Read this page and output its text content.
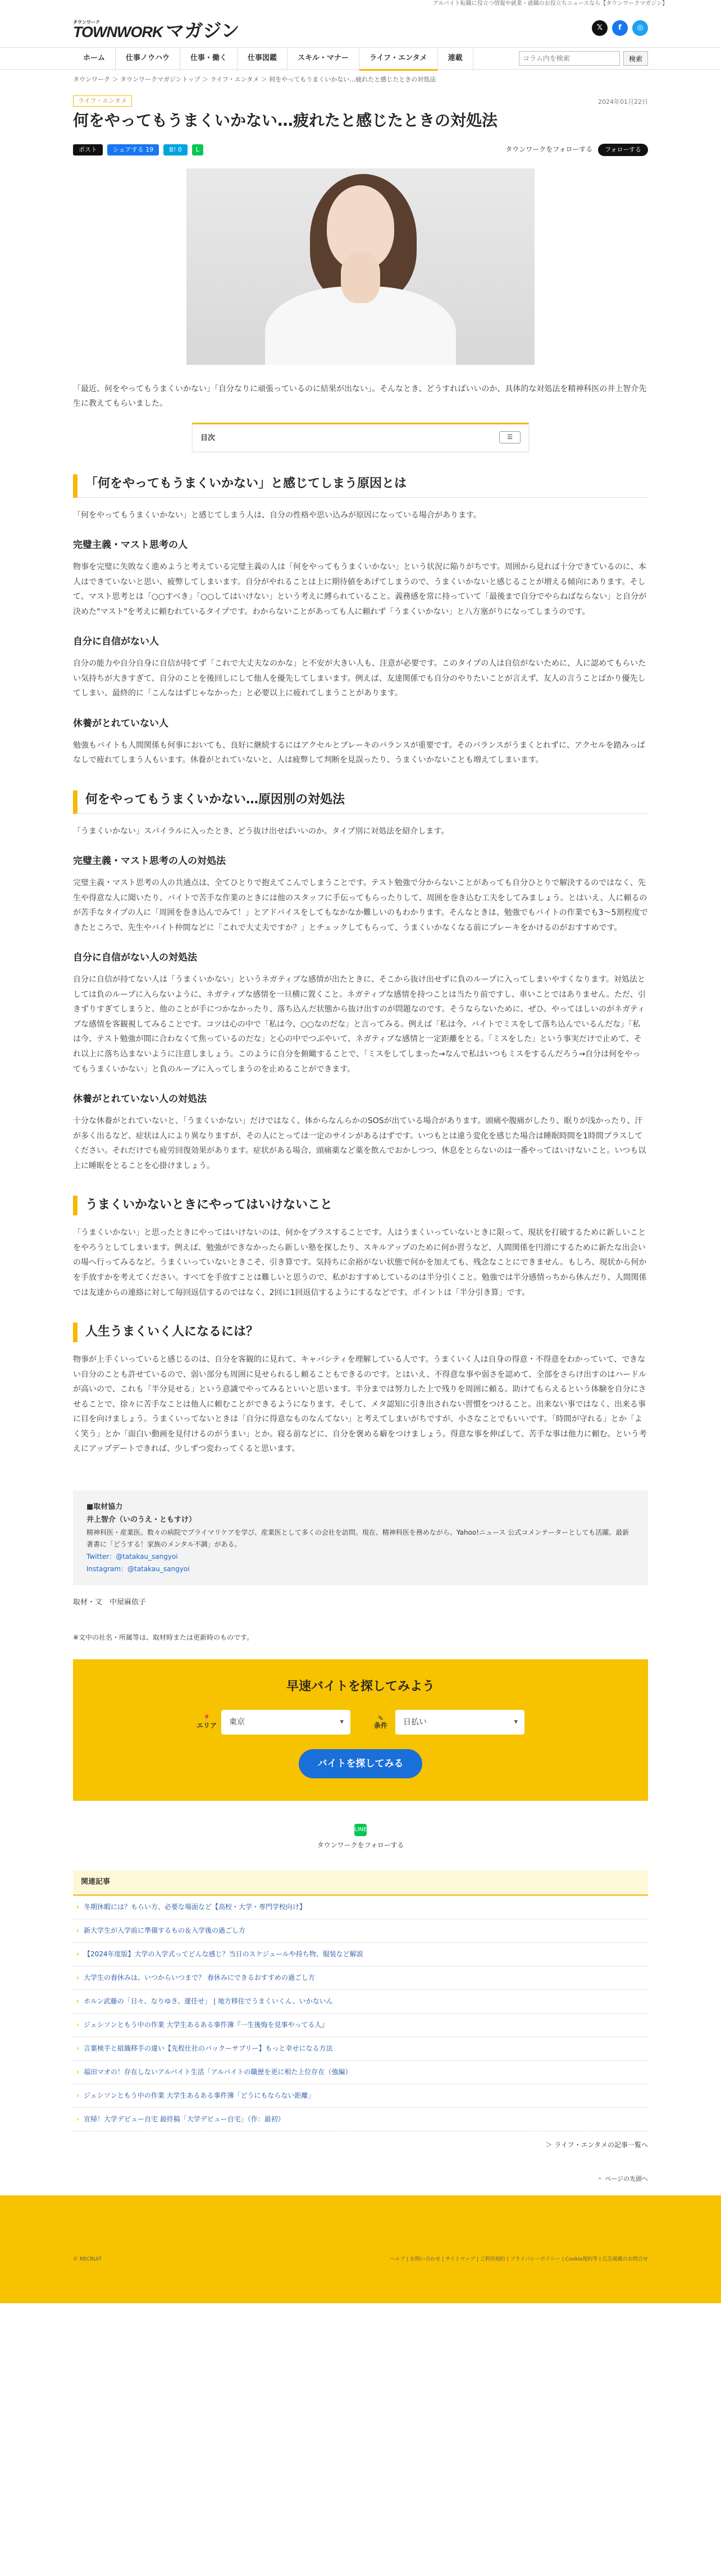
アルバイト転職に役立つ情報や就業・就職のお役立ちニュースなら【タウンワークマガジン】
タウンワーク
TOWNWORK マガジン	𝕏	f	◎
ホーム	仕事ノウハウ	仕事・働く	仕事図鑑	スキル・マナー	ライフ・エンタメ	連載
コラム内を検索	検索
タウンワーク ＞ タウンワークマガジントップ ＞ ライフ・エンタメ ＞ 何をやってもうまくいかない…疲れたと感じたときの対処法
ライフ・エンタメ	2024年01月22日
何をやってもうまくいかない…疲れたと感じたときの対処法
ポスト	シェアする 19	B! 0	L	タウンワークをフォローする	フォローする

「最近、何をやってもうまくいかない」「自分なりに頑張っているのに結果が出ない」。そんなとき、どうすればいいのか、具体的な対処法を精神科医の井上智介先生に教えてもらいました。

目次	☰
「何をやってもうまくいかない」と感じてしまう原因とは

「何をやってもうまくいかない」と感じてしまう人は、自分の性格や思い込みが原因になっている場合があります。

完璧主義・マスト思考の人

物事を完璧に失敗なく進めようと考えている完璧主義の人は「何をやってもうまくいかない」という状況に陥りがちです。周囲から見れば十分できているのに、本人はできていないと思い、疲弊してしまいます。自分がやれることは上に期待値をあげてしまうので、うまくいかないと感じることが増える傾向にあります。そして、マスト思考とは「○○すべき」「○○してはいけない」という考えに縛られていること。義務感を常に持っていて「最後まで自分でやらねばならない」と自分が決めた"マスト"を考えに頼むれているタイプです。わからないことがあっても人に頼れず「うまくいかない」と八方塞がりになってしまうのです。

自分に自信がない人

自分の能力や自分自身に自信が持てず「これで大丈夫なのかな」と不安が大きい人も、注意が必要です。このタイプの人は自信がないために、人に認めてもらいたい気持ちが大きすぎて、自分のことを後回しにして他人を優先してしまいます。例えば、友達関係でも自分のやりたいことが言えず、友人の言うことばかり優先してしまい、最終的に「こんなはずじゃなかった」と必要以上に疲れてしまうことがあります。

休養がとれていない人

勉強もバイトも人間関係も何事においても、良好に継続するにはアクセルとブレーキのバランスが重要です。そのバランスがうまくとれずに、アクセルを踏みっぱなしで疲れてしまう人もいます。休養がとれていないと、人は疲弊して判断を見誤ったり、うまくいかないことも増えてしまいます。

何をやってもうまくいかない…原因別の対処法

「うまくいかない」スパイラルに入ったとき、どう抜け出せばいいのか。タイプ別に対処法を紹介します。

完璧主義・マスト思考の人の対処法

完璧主義・マスト思考の人の共通点は、全てひとりで抱えてこんでしまうことです。テスト勉強で分からないことがあっても自分ひとりで解決するのではなく、先生や得意な人に聞いたり、バイトで苦手な作業のときには他のスタッフに手伝ってもらったりして、周囲を巻き込む工夫をしてみましょう。とはいえ、人に頼るのが苦手なタイプの人に「周囲を巻き込んでみて！」とアドバイスをしてもなかなか難しいのもわかります。そんなときは、勉強でもバイトの作業でも3〜5割程度できたところで、先生やバイト仲間などに「これで大丈夫ですか？」とチェックしてもらって、うまくいかなくなる前にブレーキをかけるのがおすすめです。

自分に自信がない人の対処法

自分に自信が持てない人は「うまくいかない」というネガティブな感情が出たときに、そこから抜け出せずに負のループに入ってしまいやすくなります。対処法としては負のループに入らないように、ネガティブな感情を一旦横に置くこと。ネガティブな感情を持つことは当たり前ですし、車いことではありません。ただ、引きずりすぎてしまうと、他のことが手につかなかったり、落ち込んだ状態から抜け出すのが問題なのです。そうならないために、ぜひ、やってほしいのがネガティブな感情を客観視してみることです。コツは心の中で「私は今、○○なのだな」と言ってみる。例えば「私は今、バイトでミスをして落ち込んでいるんだな」「私は今、テスト勉強が間に合わなくて焦っているのだな」と心の中でつぶやいて、ネガティブな感情と一定距離をとる。「ミスをした」という事実だけで止めて、それ以上に落ち込まないように注意しましょう。このように自分を俯瞰することで、「ミスをしてしまった→なんで私はいつもミスをするんだろう→自分は何をやってもうまくいかない」と負のループに入ってしまうのを止めることができます。

休養がとれていない人の対処法

十分な休養がとれていないと、「うまくいかない」だけではなく、体からなんらかのSOSが出ている場合があります。頭痛や腹痛がしたり、眠りが浅かったり、汗が多く出るなど、症状は人により異なりますが、その人にとっては一定のサインがあるはずです。いつもとは違う変化を感じた場合は睡眠時間を1時間プラスしてください。それだけでも疲労回復効果があります。症状がある場合、頭痛薬など薬を飲んでおかしつつ、休息をとらないのは一番やってはいけないこと。いつも以上に睡眠をとることを心掛けましょう。

うまくいかないときにやってはいけないこと

「うまくいかない」と思ったときにやってはいけないのは、何かをプラスすることです。人はうまくいっていないときに限って、現状を打破するために新しいことをやろうとしてしまいます。例えば、勉強ができなかったら新しい塾を探したり、スキルアップのために何か習うなど、人間関係を円滑にするために新たな出会いの場へ行ってみるなど。うまくいっていないときこそ、引き算です。気持ちに余裕がない状態で何かを加えても、残念なことにできません。もしろ、現状から何かを手放すかを考えてください。すべてを手放すことは難しいと思うので、私がおすすめしているのは半分引くこと。勉強では半分感情っちから休んだり、人間関係では友達からの連絡に対して毎回返信するのではなく、2回に1回返信するようにするなどです。ポイントは「半分引き算」です。

人生うまくいく人になるには？

物事が上手くいっていると感じるのは、自分を客観的に見れて、キャパシティを理解している人です。うまくいく人は自身の得意・不得意をわかっていて、できない自分のことも許せているので、弱い部分も周囲に見せられるし頼ることもできるのです。とはいえ、不得意な事や弱さを認めて、全部をさらけ出すのはハードルが高いので、これも「半分見せる」という意識でやってみるといいと思います。半分までは努力した上で残りを周囲に頼る。助けてもらえるという体験を自分にさせることで、徐々に苦手なことは他人に頼むことができるようになります。そして、メタ認知に引き出されない習慣をつけること。出来ない事ではなく、出来る事に目を向けましょう。うまくいってないときは「自分に得意なものなんてない」と考えてしまいがちですが、小さなことでもいいです。「時間が守れる」とか「よく笑う」とか「面白い動画を見付けるのがうまい」とか。寝る前などに、自分を褒める癖をつけましょう。得意な事を伸ばして、苦手な事は他力に頼む。という考えにアップデートできれば、少しずつ変わってくると思います。

■取材協力
井上智介（いのうえ・ともすけ）
精神科医・産業医。数々の病院でプライマリケアを学び、産業医として多くの会社を訪問。現在、精神科医を務めながら、Yahoo!ニュース 公式コメンテーターとしても活躍。最新著書に「どうする！家族のメンタル不調」がある。
Twitter：@tatakau_sangyoi
Instagram：@tatakau_sangyoi
取材・文　中屋麻依子
※文中の社名・所属等は、取材時または更新時のものです。
早速バイトを探してみよう
📍
エリア	東京 ▾	✎
条件	日払い ▾
バイトを探してみる
LINE
タウンワークをフォローする
関連記事
› 冬期休暇には？もらい方、必要な場面など【高校・大学・専門学校向け】
› 新大学生が入学前に準備するもの＆入学後の過ごし方
› 【2024年度版】大学の入学式ってどんな感じ？当日のスケジュールや持ち物、服装など解説
› 大学生の春休みは、いつからいつまで？ 春休みにできるおすすめの過ごし方
› ホルン武藤の「日々、なりゆき、運任せ」 | 地方移住でうまくいくん、いかないん
› ジェシソンともう中の作業 大学生あるある事件簿『一生後悔を見事やってる人』
› 言葉検手と組織移手の違い【先程仕社のバックーサプリー】もっと幸せになる方法
› 福田マオの！存在しないアルバイト生活「アルバイトの職歴を更に相た上位存在（強編）
› ジェシソンともう中の作業 大学生あるある事件簿「どうにもならない距離」
› 宣帰！大学デビュー自宅 最終稿「大学デビュー自宅」（作：最初）
＞ ライフ・エンタメの記事一覧へ
＾ ページの先頭へ
© RECRUIT	ヘルプ | お問い合わせ | サイトマップ | ご利用規約 | プライバシーポリシー | Cookie規約等 | 広告掲載のお問合せ
